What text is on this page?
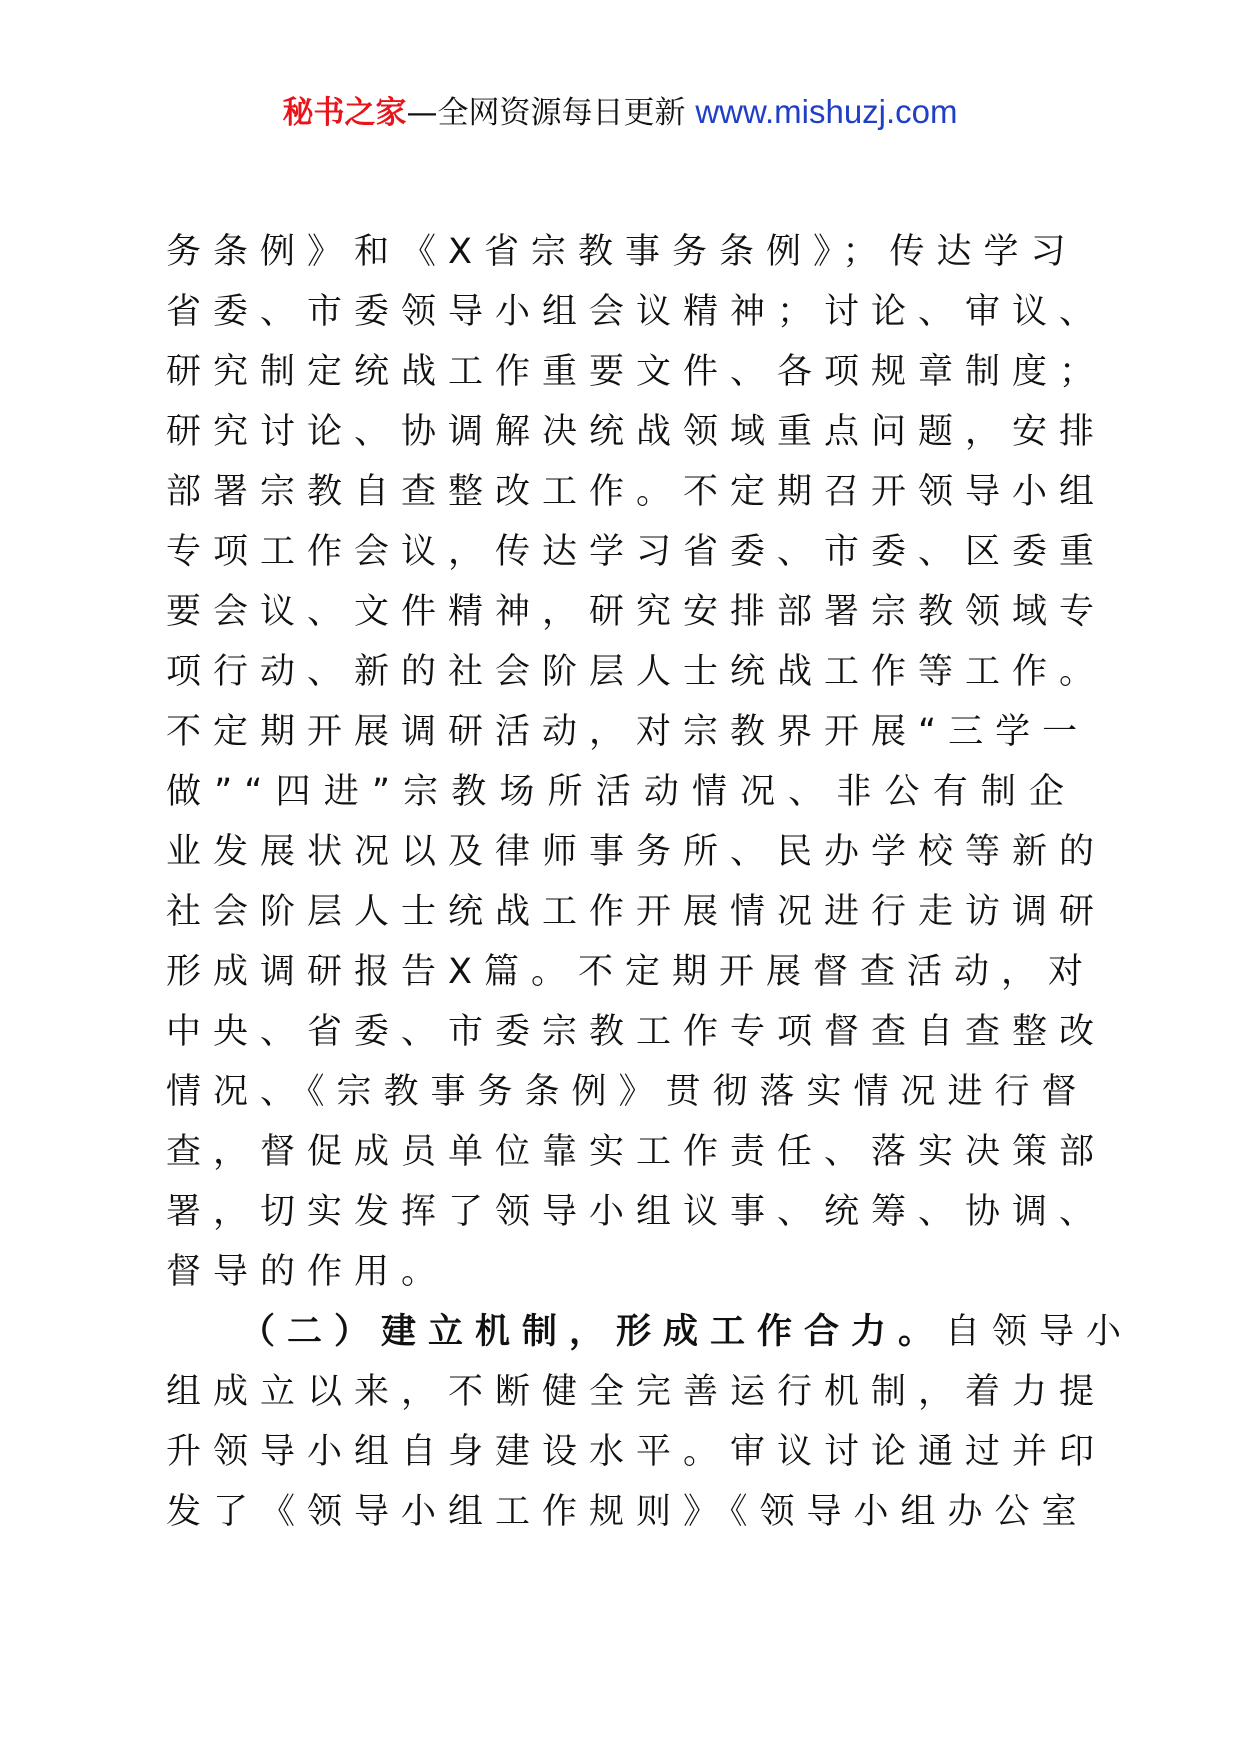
秘书之家—全网资源每日更新 www.mishuzj.com
务条例》和《X省宗教事务条例》；传达学习
省委、市委领导小组会议精神；讨论、审议、
研究制定统战工作重要文件、各项规章制度；
研究讨论、协调解决统战领域重点问题，安排
部署宗教自查整改工作。不定期召开领导小组
专项工作会议，传达学习省委、市委、区委重
要会议、文件精神，研究安排部署宗教领域专
项行动、新的社会阶层人士统战工作等工作。
不定期开展调研活动，对宗教界开展“三学一
做”“四进”宗教场所活动情况、非公有制企
业发展状况以及律师事务所、民办学校等新的
社会阶层人士统战工作开展情况进行走访调研
形成调研报告X篇。不定期开展督查活动，对
中央、省委、市委宗教工作专项督查自查整改
情况、《宗教事务条例》贯彻落实情况进行督
查，督促成员单位靠实工作责任、落实决策部
署，切实发挥了领导小组议事、统筹、协调、
督导的作用。
（二）建立机制，形成工作合力。自领导小
组成立以来，不断健全完善运行机制，着力提
升领导小组自身建设水平。审议讨论通过并印
发了《领导小组工作规则》《领导小组办公室
